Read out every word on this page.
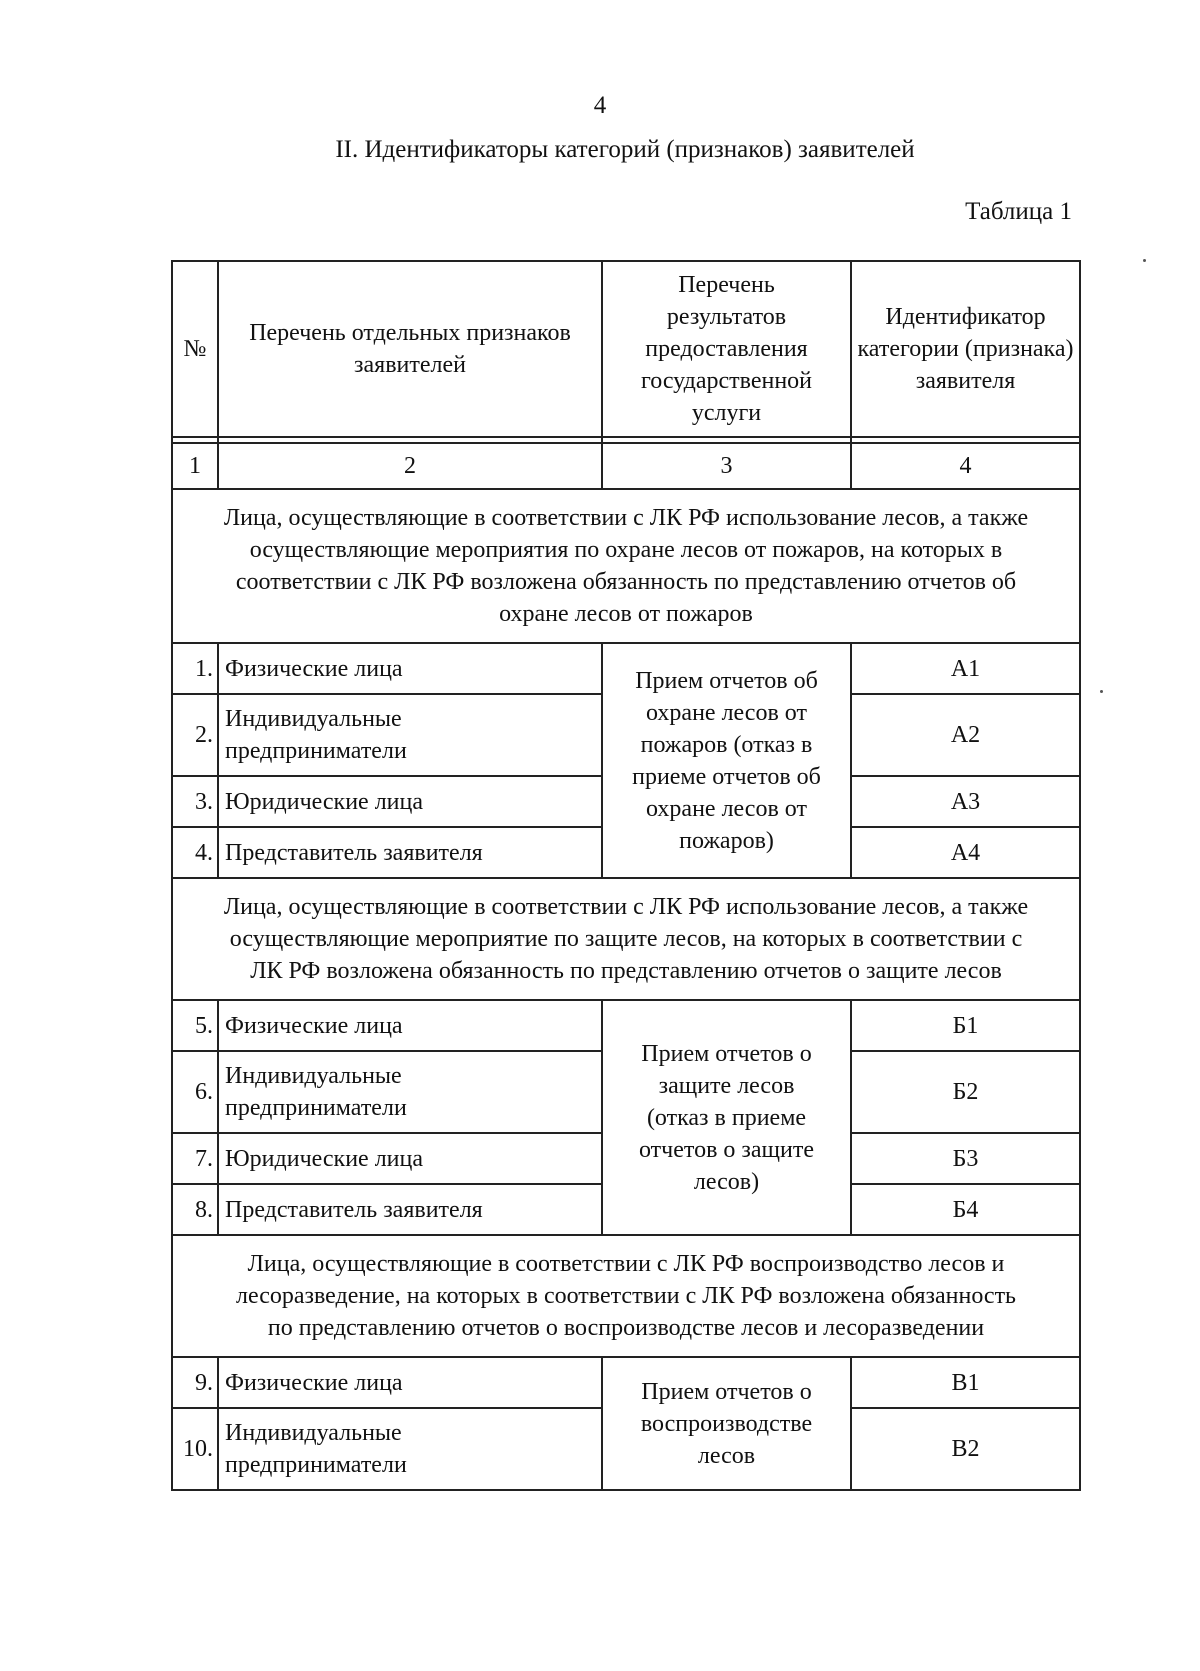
4
II. Идентификаторы категорий (признаков) заявителей
Таблица 1
№	Перечень отдельных признаков заявителей	Перечень результатов предоставления государственной услуги	Идентификатор категории (признака) заявителя

1	2	3	4
Лица, осуществляющие в соответствии с ЛК РФ использование лесов, а также осуществляющие мероприятия по охране лесов от пожаров, на которых в соответствии с ЛК РФ возложена обязанность по представлению отчетов об охране лесов от пожаров			
1.	Физические лица	Прием отчетов об охране лесов от пожаров (отказ в приеме отчетов об охране лесов от пожаров)	А1
2.	Индивидуальные предприниматели		А2
3.	Юридические лица		А3
4.	Представитель заявителя		А4
Лица, осуществляющие в соответствии с ЛК РФ использование лесов, а также осуществляющие мероприятие по защите лесов, на которых в соответствии с ЛК РФ возложена обязанность по представлению отчетов о защите лесов			
5.	Физические лица	Прием отчетов о защите лесов (отказ в приеме отчетов о защите лесов)	Б1
6.	Индивидуальные предприниматели		Б2
7.	Юридические лица		Б3
8.	Представитель заявителя		Б4
Лица, осуществляющие в соответствии с ЛК РФ воспроизводство лесов и лесоразведение, на которых в соответствии с ЛК РФ возложена обязанность по представлению отчетов о воспроизводстве лесов и лесоразведении			
9.	Физические лица	Прием отчетов о воспроизводстве лесов	В1
10.	Индивидуальные предприниматели		В2
